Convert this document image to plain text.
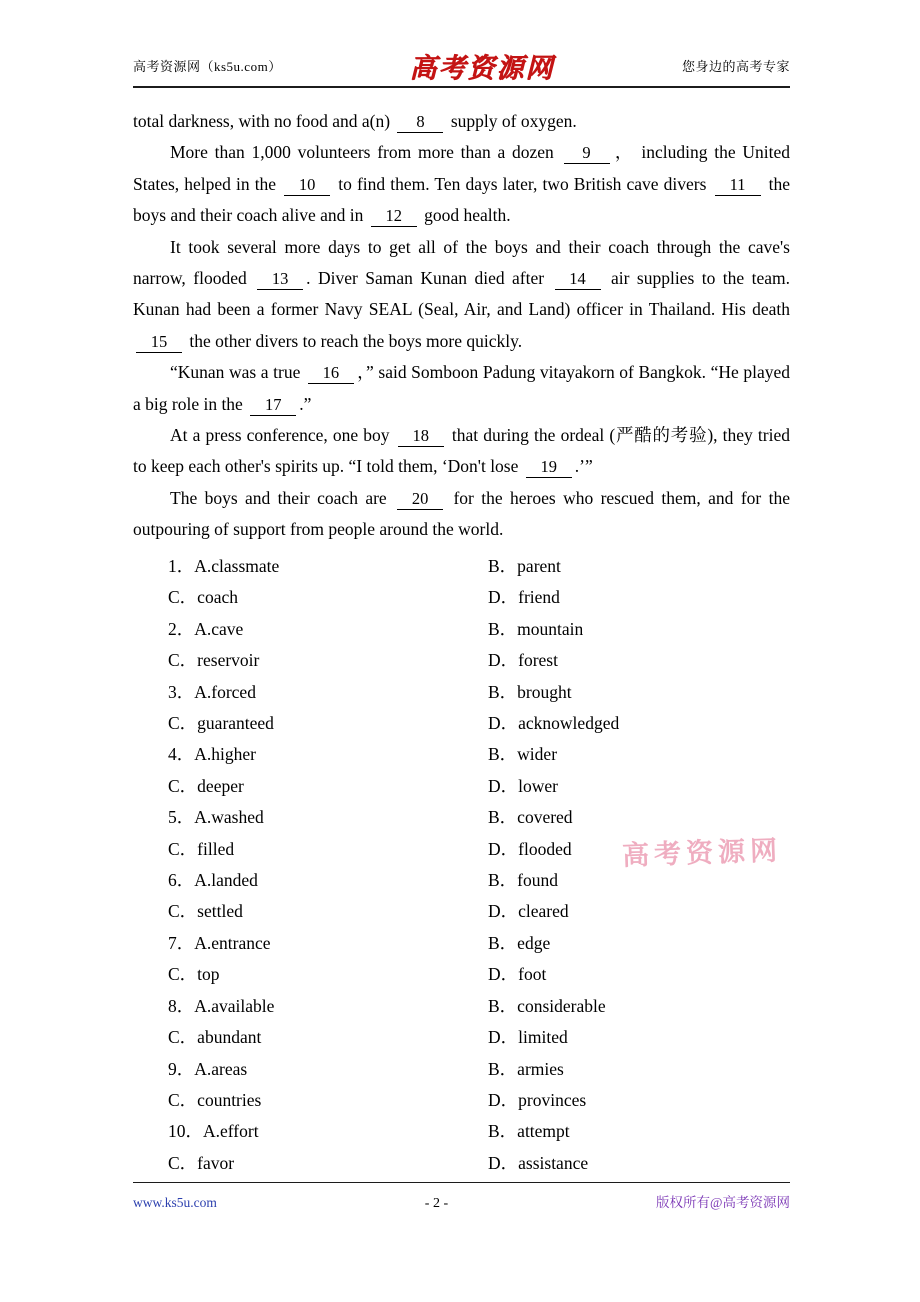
高考资源网（ks5u.com）	高考资源网	您身边的高考专家

total darkness, with no food and a(n) 8 supply of oxygen.

More than 1,000 volunteers from more than a dozen 9 ， including the United States, helped in the 10 to find them. Ten days later, two British cave divers 11 the boys and their coach alive and in 12 good health.

It took several more days to get all of the boys and their coach through the cave's narrow, flooded 13 . Diver Saman Kunan died after 14 air supplies to the team. Kunan had been a former Navy SEAL (Seal, Air, and Land) officer in Thailand. His death 15 the other divers to reach the boys more quickly.

“Kunan was a true 16 ，” said Somboon Padung vitayakorn of Bangkok. “He played a big role in the 17 .”

At a press conference, one boy 18 that during the ordeal (严酷的考验), they tried to keep each other's spirits up. “I told them, ‘Don't lose 19 .’”

The boys and their coach are 20 for the heroes who rescued them, and for the outpouring of support from people around the world.

1．A.classmate	B．parent
C．coach	D．friend
2．A.cave	B．mountain
C．reservoir	D．forest
3．A.forced	B．brought
C．guaranteed	D．acknowledged
4．A.higher	B．wider
C．deeper	D．lower
5．A.washed	B．covered
C．filled	D．flooded
6．A.landed	B．found
C．settled	D．cleared
7．A.entrance	B．edge
C．top	D．foot
8．A.available	B．considerable
C．abundant	D．limited
9．A.areas	B．armies
C．countries	D．provinces
10．A.effort	B．attempt
C．favor	D．assistance
高考资源网
www.ks5u.com	- 2 -	版权所有@高考资源网
